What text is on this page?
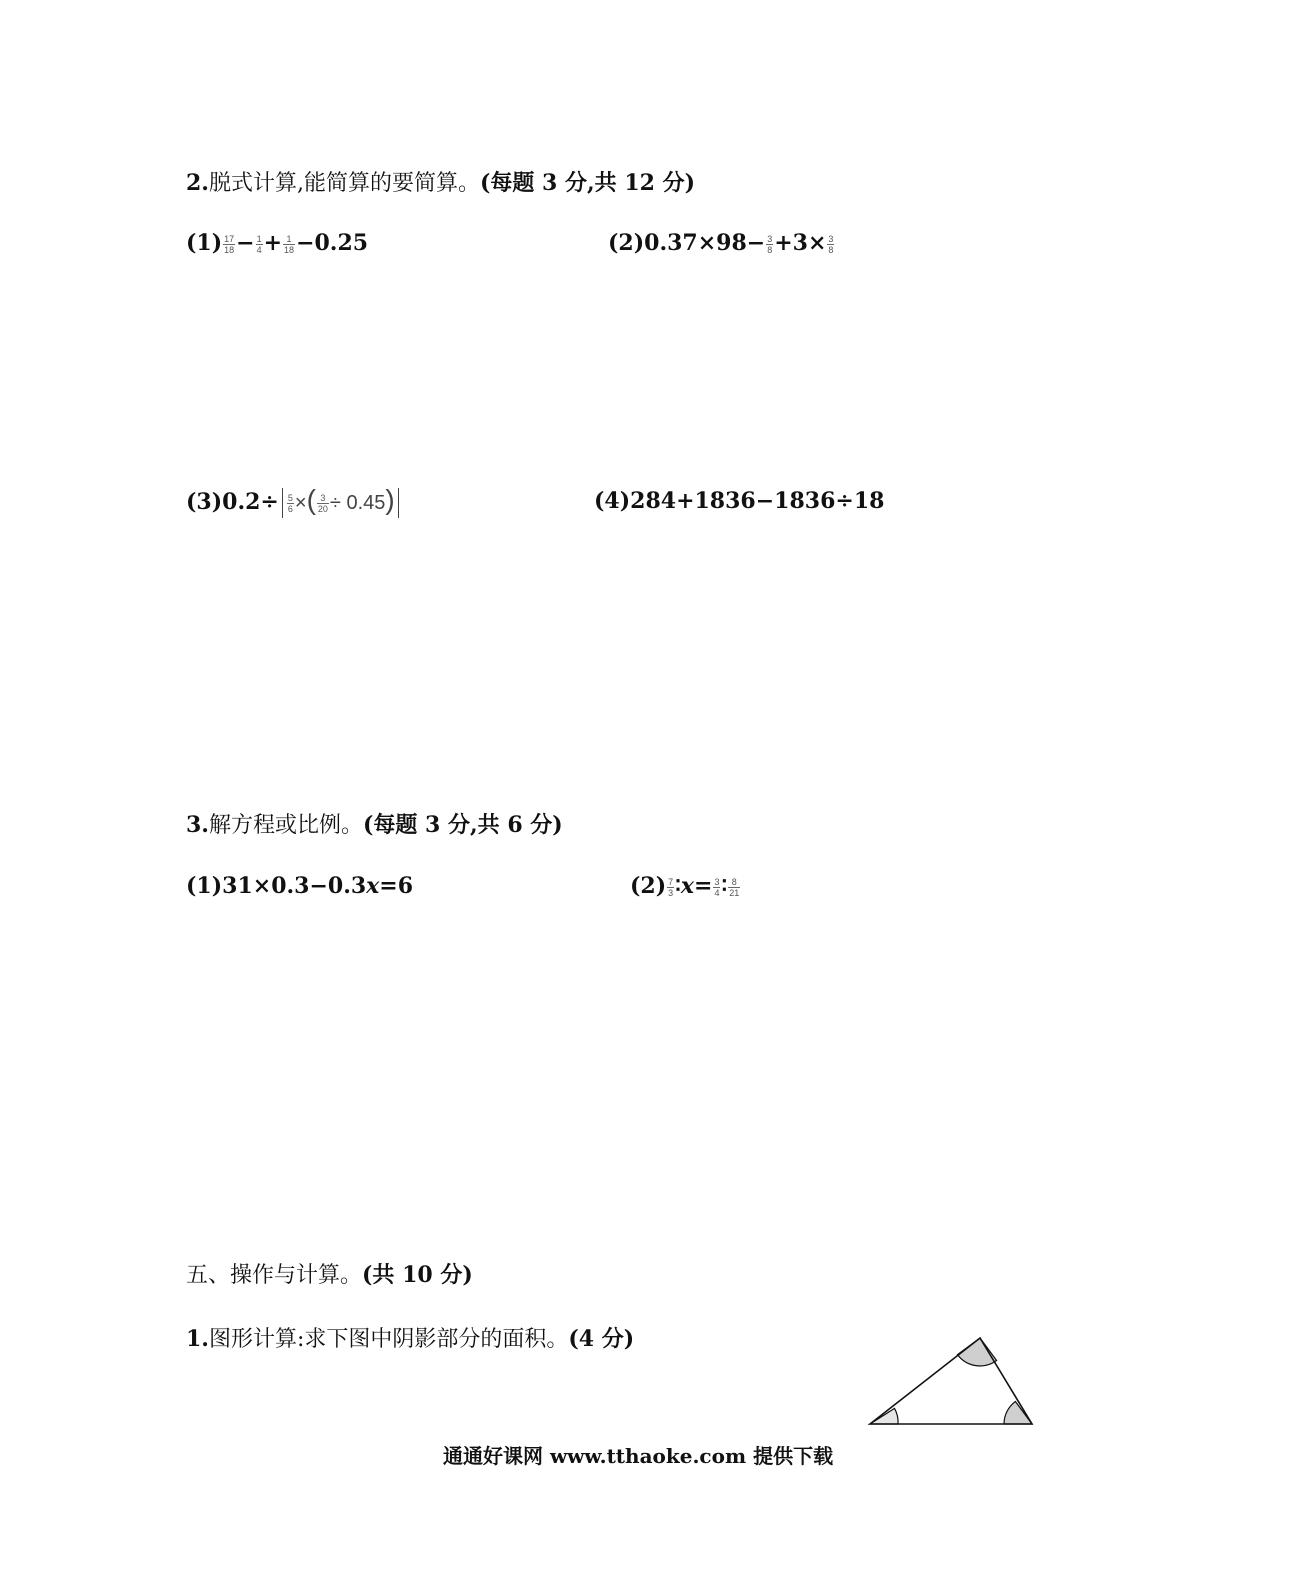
2.脱式计算,能简算的要简算。(每题 3 分,共 12 分)
$(1) \frac{17}{18} - \frac{1}{4} + \frac{1}{18} -0.25$	$(2)0.37\times 98- \frac{3}{8} +3\times \frac{3}{8}$
$(3)0.2\div \frac{5}{6}$ ×( $\frac{3}{20} \div 0.45$)	(4)284+1836−1836÷18
3.解方程或比例。(每题 3 分,共 6 分)
(1)31×0.3−0.3x=6	$(2) \frac{7}{3}$ ∶x= $\frac{3}{4}$ ∶ $\frac{8}{21}$
五、操作与计算。(共 10 分)
1.图形计算:求下图中阴影部分的面积。(4 分)
通通好课网 www.tthaoke.com 提供下载
